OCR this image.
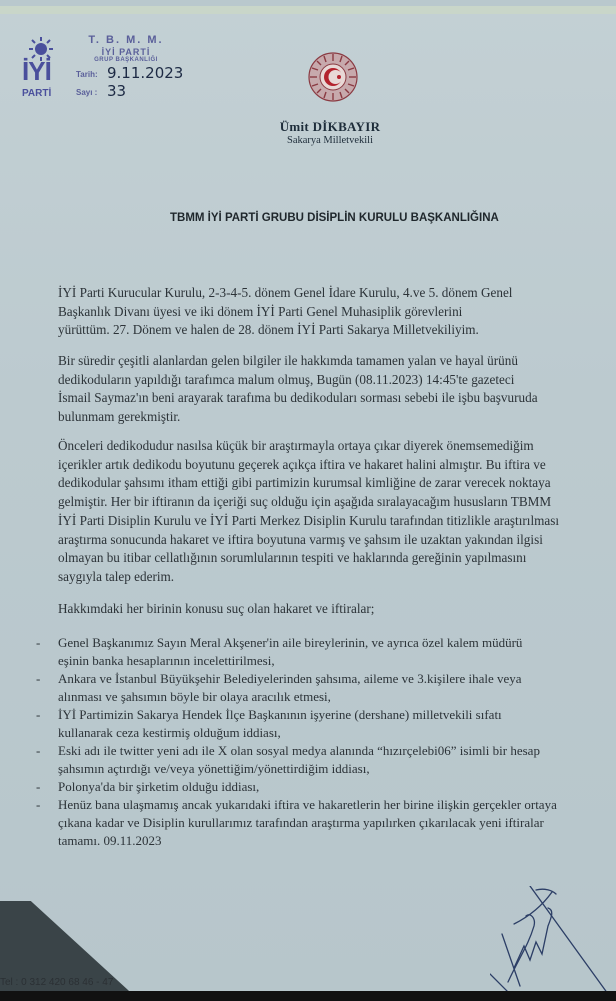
İYİ
PARTİ
T. B. M. M.
İYİ PARTİ
GRUP BAŞKANLIĞI
Tarih: 9.11.2023
Sayı : 33
Ümit DİKBAYIR
Sakarya Milletvekili
TBMM İYİ PARTİ GRUBU DİSİPLİN KURULU BAŞKANLIĞINA
İYİ Parti Kurucular Kurulu, 2-3-4-5. dönem Genel İdare Kurulu, 4.ve 5. dönem Genel
Başkanlık Divanı üyesi ve iki dönem İYİ Parti Genel Muhasiplik görevlerini
yürüttüm. 27. Dönem ve halen de 28. dönem İYİ Parti Sakarya Milletvekiliyim.
Bir süredir çeşitli alanlardan gelen bilgiler ile hakkımda tamamen yalan ve hayal ürünü
dedikoduların yapıldığı tarafımca malum olmuş, Bugün (08.11.2023) 14:45'te gazeteci
İsmail Saymaz'ın beni arayarak tarafıma bu dedikoduları sorması sebebi ile işbu başvuruda
bulunmam gerekmiştir.
Önceleri dedikodudur nasılsa küçük bir araştırmayla ortaya çıkar diyerek önemsemediğim
içerikler artık dedikodu boyutunu geçerek açıkça iftira ve hakaret halini almıştır. Bu iftira ve
dedikodular şahsımı itham ettiği gibi partimizin kurumsal kimliğine de zarar verecek noktaya
gelmiştir. Her bir iftiranın da içeriği suç olduğu için aşağıda sıralayacağım hususların TBMM
İYİ Parti Disiplin Kurulu ve İYİ Parti Merkez Disiplin Kurulu tarafından titizlikle araştırılması
araştırma sonucunda hakaret ve iftira boyutuna varmış ve şahsım ile uzaktan yakından ilgisi
olmayan bu itibar cellatlığının sorumlularının tespiti ve haklarında gereğinin yapılmasını
saygıyla talep ederim.
Hakkımdaki her birinin konusu suç olan hakaret ve iftiralar;
- Genel Başkanımız Sayın Meral Akşener'in aile bireylerinin, ve ayrıca özel kalem müdürü
eşinin banka hesaplarının incelettirilmesi,
- Ankara ve İstanbul Büyükşehir Belediyelerinden şahsıma, aileme ve 3.kişilere ihale veya
alınması ve şahsımın böyle bir olaya aracılık etmesi,
- İYİ Partimizin Sakarya Hendek İlçe Başkanının işyerine (dershane) milletvekili sıfatı
kullanarak ceza kestirmiş olduğum iddiası,
- Eski adı ile twitter yeni adı ile X olan sosyal medya alanında “hızırçelebi06” isimli bir hesap
şahsımın açtırdığı ve/veya yönettiğim/yönettirdiğim iddiası,
- Polonya'da bir şirketim olduğu iddiası,
- Henüz bana ulaşmamış ancak yukarıdaki iftira ve hakaretlerin her birine ilişkin gerçekler ortaya
çıkana kadar ve Disiplin kurullarımız tarafından araştırma yapılırken çıkarılacak yeni iftiralar
tamamı. 09.11.2023
Tel : 0 312 420 68 46 - 47
